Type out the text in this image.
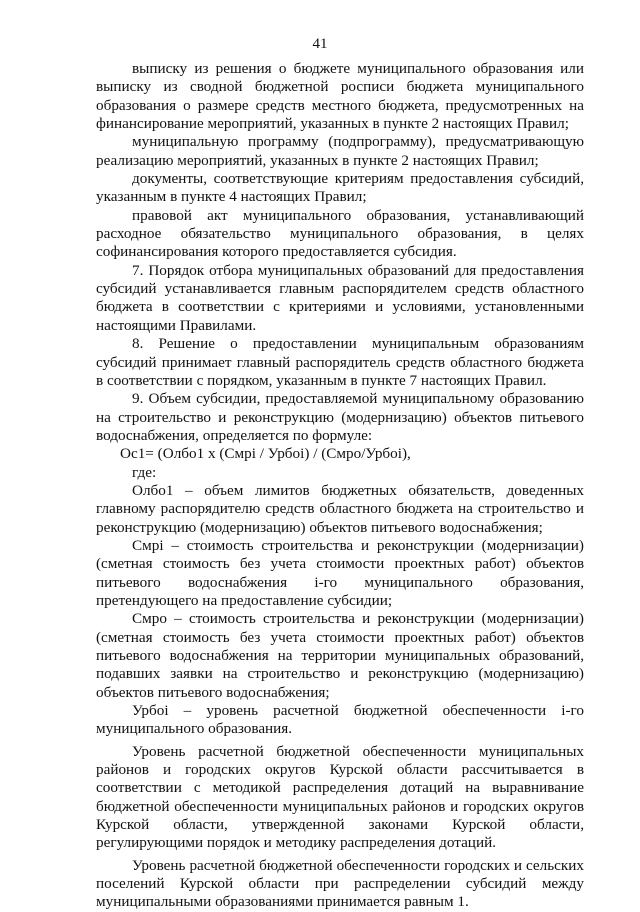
41

выписку из решения о бюджете муниципального образования или выписку из сводной бюджетной росписи бюджета муниципального образования о размере средств местного бюджета, предусмотренных на финансирование мероприятий, указанных в пункте 2 настоящих Правил;

муниципальную программу (подпрограмму), предусматривающую реализацию мероприятий, указанных в пункте 2 настоящих Правил;

документы, соответствующие критериям предоставления субсидий, указанным в пункте 4 настоящих Правил;

правовой акт муниципального образования, устанавливающий расходное обязательство муниципального образования, в целях софинансирования которого предоставляется субсидия.

7. Порядок отбора муниципальных образований для предоставления субсидий устанавливается главным распорядителем средств областного бюджета в соответствии с критериями и условиями, установленными настоящими Правилами.

8. Решение о предоставлении муниципальным образованиям субсидий принимает главный распорядитель средств областного бюджета в соответствии с порядком, указанным в пункте 7 настоящих Правил.

9. Объем субсидии, предоставляемой муниципальному образованию на строительство и реконструкцию (модернизацию) объектов питьевого водоснабжения, определяется по формуле:

Ос1= (Олбо1 х (Смрі / Урбоі) / (Смро/Урбоі),

где:

Олбо1 – объем лимитов бюджетных обязательств, доведенных главному распорядителю средств областного бюджета на строительство и реконструкцию (модернизацию) объектов питьевого водоснабжения;

Смрі – стоимость строительства и реконструкции (модернизации) (сметная стоимость без учета стоимости проектных работ) объектов питьевого водоснабжения і-го муниципального образования, претендующего на предоставление субсидии;

Смро – стоимость строительства и реконструкции (модернизации) (сметная стоимость без учета стоимости проектных работ) объектов питьевого водоснабжения на территории муниципальных образований, подавших заявки на строительство и реконструкцию (модернизацию) объектов питьевого водоснабжения;

Урбоі – уровень расчетной бюджетной обеспеченности і-го муниципального образования.

Уровень расчетной бюджетной обеспеченности муниципальных районов и городских округов Курской области рассчитывается в соответствии с методикой распределения дотаций на выравнивание бюджетной обеспеченности муниципальных районов и городских округов Курской области, утвержденной законами Курской области, регулирующими порядок и методику распределения дотаций.

Уровень расчетной бюджетной обеспеченности городских и сельских поселений Курской области при распределении субсидий между муниципальными образованиями принимается равным 1.
